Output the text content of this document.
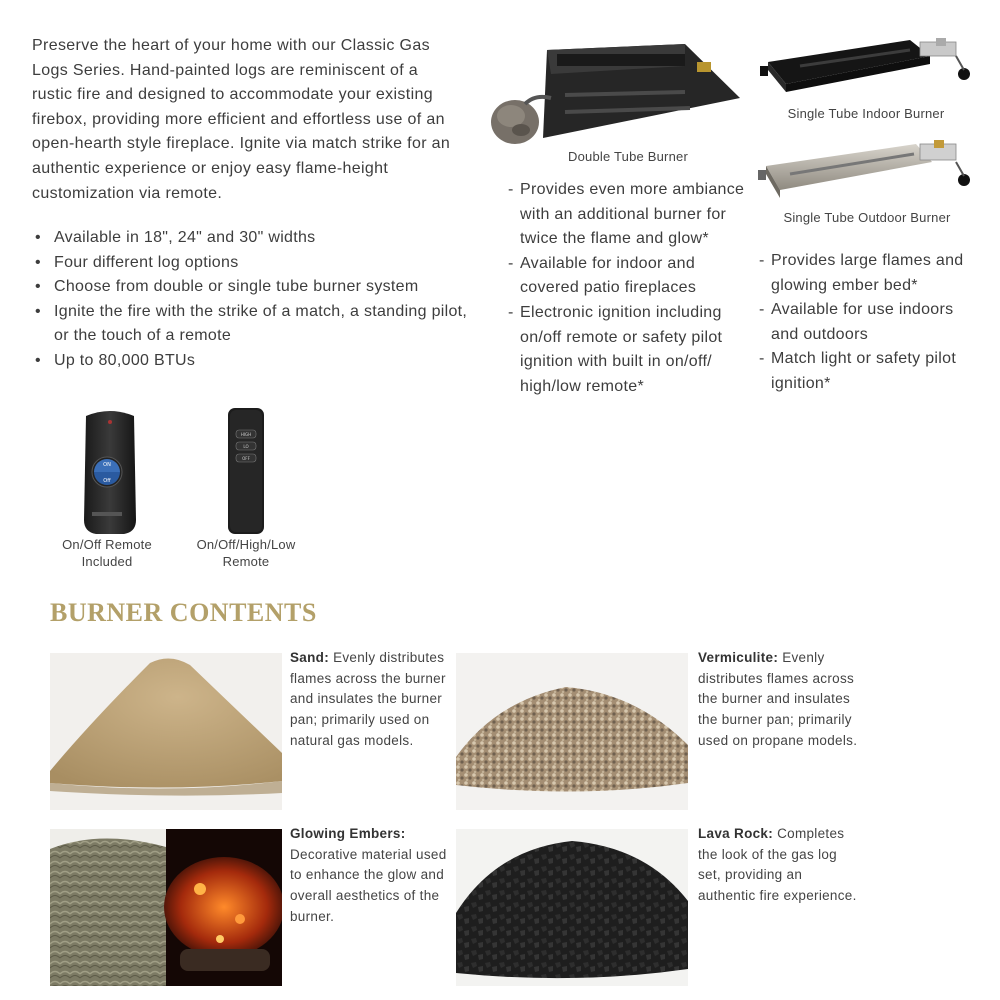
Preserve the heart of your home with our Classic Gas Logs Series. Hand-painted logs are reminiscent of a rustic fire and designed to accommodate your existing firebox, providing more efficient and effortless use of an open-hearth style fireplace. Ignite via match strike for an authentic experience or enjoy easy flame-height customization via remote.

• Available in 18", 24" and 30" widths
• Four different log options
• Choose from double or single tube burner system
• Ignite the fire with the strike of a match, a standing pilot, or the touch of a remote
• Up to 80,000 BTUs
ON
Off
On/Off Remote Included
HIGH
LO
OFF
On/Off/High/Low Remote
Double Tube Burner
- Provides even more ambiance with an additional burner for twice the flame and glow*
- Available for indoor and covered patio fireplaces
- Electronic ignition including on/off remote or safety pilot ignition with built in on/off/ high/low remote*
Single Tube Indoor Burner
Single Tube Outdoor Burner
- Provides large flames and glowing ember bed*
- Available for use indoors and outdoors
- Match light or safety pilot ignition*
BURNER CONTENTS
Sand: Evenly distributes flames across the burner and insulates the burner pan; primarily used on natural gas models.
Vermiculite: Evenly distributes flames across the burner and insulates the burner pan; primarily used on propane models.
Glowing Embers: Decorative material used to enhance the glow and overall aesthetics of the burner.
Lava Rock: Completes the look of the gas log set, providing an authentic fire experience.
